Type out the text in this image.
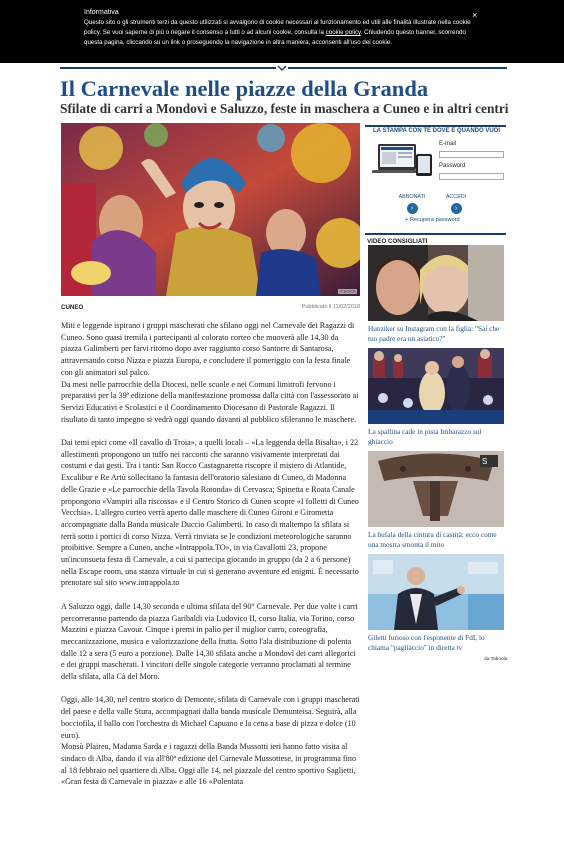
Informativa
Questo sito o gli strumenti terzi da questo utilizzati si avvalgono di cookie necessari al funzionamento ed utili alle finalità illustrate nella cookie policy. Se vuoi saperne di più o negare il consenso a tutti o ad alcuni cookie, consulta la cookie policy. Chiudendo questo banner, scorrendo questa pagina, cliccando su un link o proseguendo la navigazione in altra maniera, acconsenti all'uso dei cookie.
×
Il Carnevale nelle piazze della Granda
Sfilate di carri a Mondovì e Saluzzo, feste in maschera a Cuneo e in altri centri
ITSOCK
CUNEO	Pubblicato il 11/02/2018

Miti e leggende ispirano i gruppi mascherati che sfilano oggi nel Carnevale dei Ragazzi di Cuneo. Sono quasi tremila i partecipanti al colorato corteo che muoverà alle 14,30 da piazza Galimberti per farvi ritorno dopo aver raggiunto corso Santorre di Santarosa, attraversando corso Nizza e piazza Europa, e concludere il pomeriggio con la festa finale con gli animatori sul palco.

Da mesi nelle parrocchie della Diocesi, nelle scuole e nei Comuni limitrofi fervono i preparativi per la 39ª edizione della manifestazione promossa dalla città con l'assessorato ai Servizi Educativi e Scolastici e il Coordinamento Diocesano di Pastorale Ragazzi. Il risultato di tanto impegno si vedrà oggi quando davanti al pubblico sfileranno le maschere.

Dai temi epici come «Il cavallo di Troia», a quelli locali – «La leggenda della Bisalta», i 22 allestimenti propongono un tuffo nei racconti che saranno visivamente interpretati dai costumi e dai gesti. Tra i tanti: San Rocco Castagnaretta riscopre il mistero di Atlantide, Excalibur e Re Artù sollecitano la fantasia dell'oratorio salesiano di Cuneo, di Madonna delle Grazie e «Le parrocchie della Tavola Rotonda» di Cervasca; Spinetta e Roata Canale propongono «Vampiri alla riscossa» e il Centro Storico di Cuneo scopre «I folletti di Cuneo Vecchia». L'allegro corteo verrà aperto dalle maschere di Cuneo Gironi e Girometta accompagnate dalla Banda musicale Duccio Galimberti. In caso di maltempo la sfilata si terrà sotto i portici di corso Nizza. Verrà rinviata se le condizioni meteorologiche saranno proibitive. Sempre a Cuneo, anche «Intrappola.TO», in via Cavallotti 23, propone un'inconsueta festa di Carnevale, a cui si partecipa giocando in gruppo (da 2 a 6 persone) nella Escape room, una stanza virtuale in cui si generano avventure ed enigmi. È necessario prenotare sul sito www.intrappola.to

A Saluzzo oggi, dalle 14,30 seconda e ultima sfilata del 90° Carnevale. Per due volte i carri percorreranno partendo da piazza Garibaldi via Ludovico II, corso Italia, via Torino, corso Mazzini e piazza Cavour. Cinque i premi in palio per il miglior carro, coreografia, meccanizzazione, musica e valorizzazione della frutta. Sotto l'ala distribuzione di polenta dalle 12 a sera (5 euro a porzione). Dalle 14,30 sfilata anche a Mondovì dei carri allegorici e dei gruppi mascherati. I vincitori delle singole categorie verranno proclamati al termine della sfilata, alla Cà del Moro.

Oggi, alle 14,30, nel centro storico di Demonte, sfilata di Carnevale con i gruppi mascherati del paese e della valle Stura, accompagnati dalla banda musicale Demunteisa. Seguirà, alla bocciofila, il ballo con l'orchestra di Michael Capuano e la cena a base di pizza e dolce (10 euro).

Monsù Plaireu, Madama Sarda e i ragazzi della Banda Mussotti ieri hanno fatto visita al sindaco di Alba, dando il via all'80ª edizione del Carnevale Mussottese, in programma fino al 18 febbraio nel quartiere di Alba. Oggi alle 14, nel piazzale del centro sportivo Saglietti, «Gran festa di Carnevale in piazza» e alle 16 «Polentata

LA STAMPA CON TE DOVE E QUANDO VUOI
E-mail
Password
ABBONATI
›
ACCEDI
›
+ Recupera password
VIDEO CONSIGLIATI
Hunziker su Instagram con la figlia: "Sai che tuo padre era un asiatico?"
La spallina cade in pista Imbarazzo sul ghiaccio
S
La bufala della cintura di castità: ecco come una mostra smonta il mito
Giletti furioso con l'esponente di FdI, lo chiama "pagliaccio" in diretta tv
da Taboola
